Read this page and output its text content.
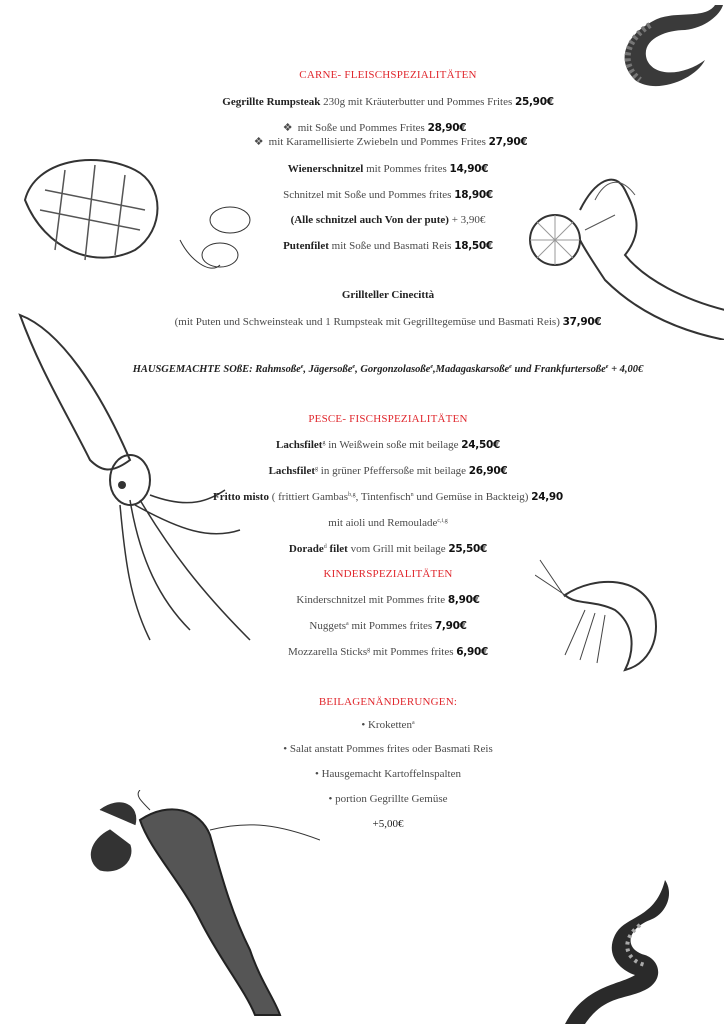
CARNE- FLEISCHSPEZIALITÄTEN
Gegrillte Rumpsteak 230g mit Kräuterbutter und Pommes Frites 25,90€
❖ mit Soße und Pommes Frites 28,90€
❖ mit Karamellisierte Zwiebeln und Pommes Frites 27,90€
Wienerschnitzel mit Pommes frites 14,90€
Schnitzel mit Soße und Pommes frites 18,90€
(Alle schnitzel auch Von der pute) + 3,90€
Putenfilet mit Soße und Basmati Reis 18,50€
Grillteller Cinecittà
(mit Puten und Schweinsteak und 1 Rumpsteak mit Gegrilltegemüse und Basmati Reis) 37,90€
HAUSGEMACHTE SOßE: Rahmsoße$^e$, Jägersoße$^e$, Gorgonzolasoße$^e$,Madagaskarsoße$^e$ und Frankfurtersoße$^e$ + 4,00€
PESCE- FISCHSPEZIALITÄTEN
Lachsfilet$^g$ in Weißwein soße mit beilage 24,50€
Lachsfilet$^g$ in grüner Pfeffersoße mit beilage 26,90€
Fritto misto ( frittiert Gambas$^{b,g}$, Tintenfisch$^n$ und Gemüse in Backteig) 24,90
mit aioli und Remoulade$^{c,i,g}$
Dorade$^d$ filet vom Grill mit beilage 25,50€
KINDERSPEZIALITÄTEN
Kinderschnitzel mit Pommes frite 8,90€
Nuggets$^a$ mit Pommes frites 7,90€
Mozzarella Sticks$^g$ mit Pommes frites 6,90€
BEILAGENÄNDERUNGEN:
• Kroketten$^a$
• Salat anstatt Pommes frites oder Basmati Reis
• Hausgemacht Kartoffelnspalten
• portion Gegrillte Gemüse
+5,00€
